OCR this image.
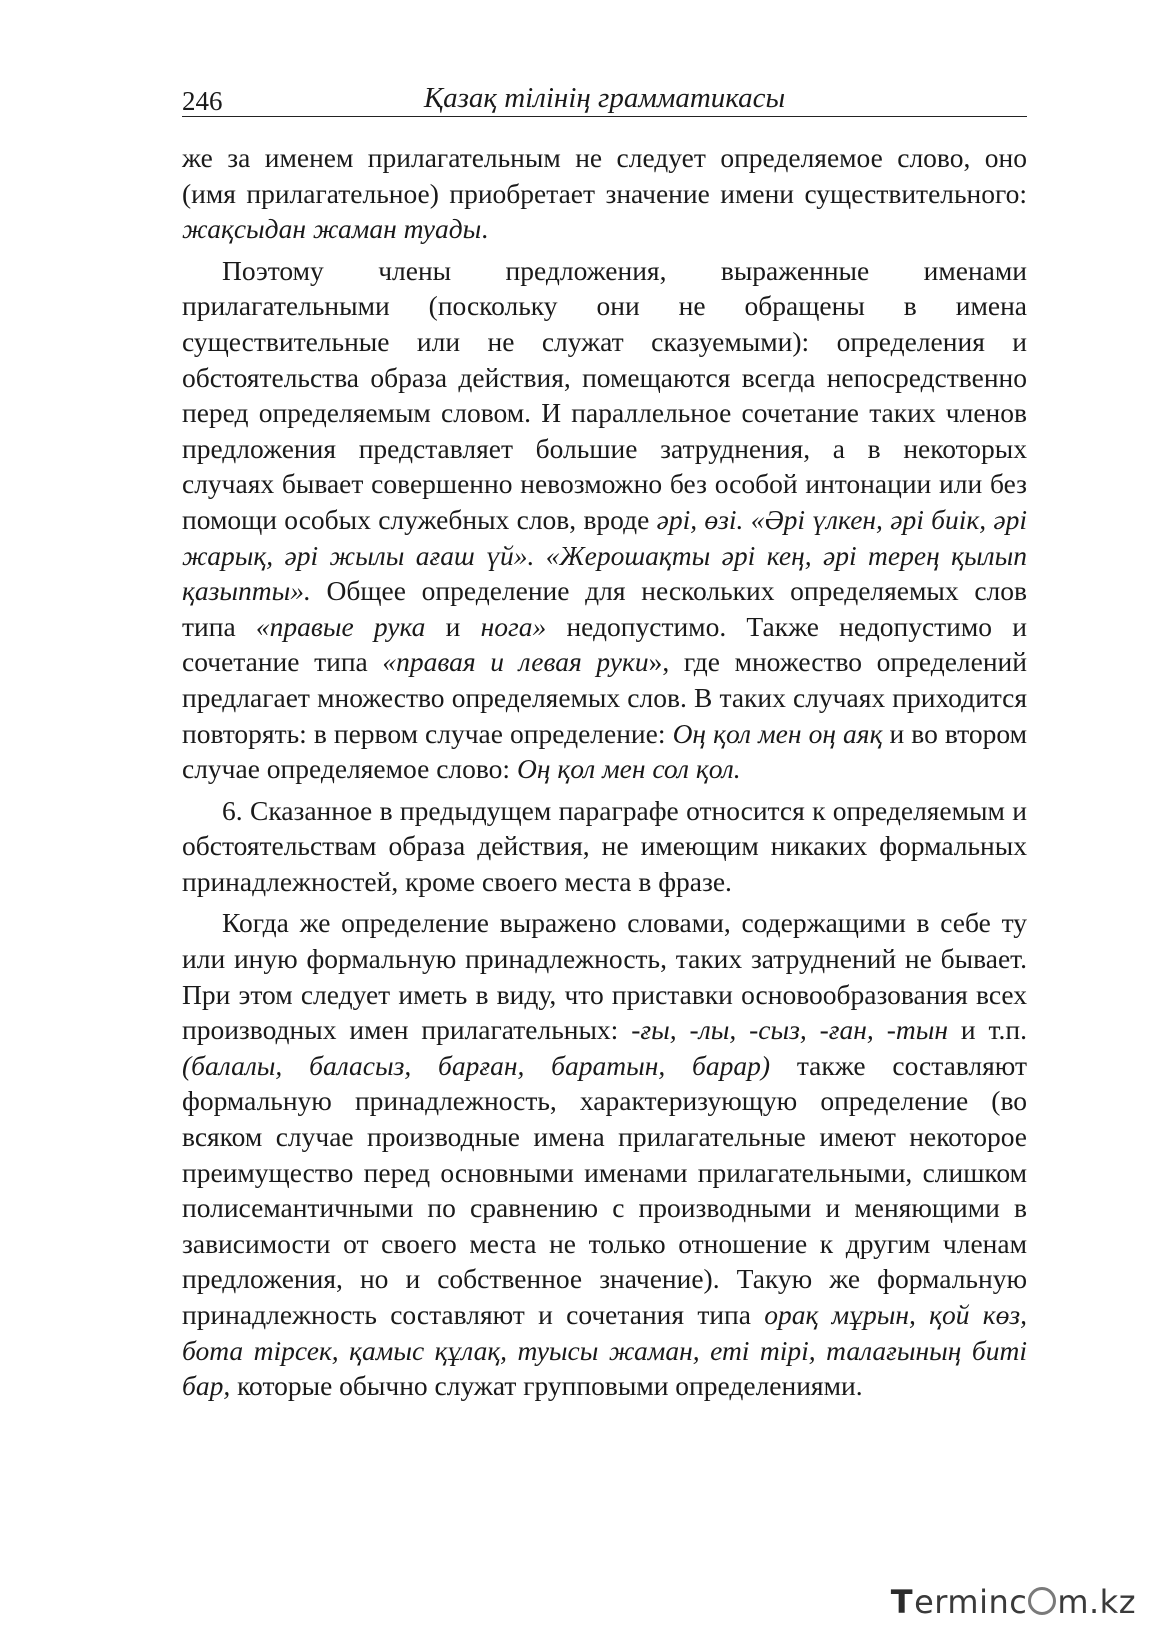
246	Қазақ тілінің грамматикасы

же за именем прилагательным не следует определяемое слово, оно (имя прилагательное) приобретает значение имени существительного: жақсыдан жаман туады.

Поэтому члены предложения, выраженные именами прилагательными (поскольку они не обращены в имена существительные или не служат сказуемыми): определения и обстоятельства образа действия, помещаются всегда непосредственно перед определяемым словом. И параллельное сочетание таких членов предложения представляет большие затруднения, а в некоторых случаях бывает совершенно невозможно без особой интонации или без помощи особых служебных слов, вроде әрі, өзі. «Әрі үлкен, әрі биік, әрі жарық, әрі жылы ағаш үй». «Жерошақты әрі кең, әрі терең қылып қазыпты». Общее определение для нескольких определяемых слов типа «правые рука и нога» недопустимо. Также недопустимо и сочетание типа «правая и левая руки», где множество определений предлагает множество определяемых слов. В таких случаях приходится повторять: в первом случае определение: Оң қол мен оң аяқ и во втором случае определяемое слово: Оң қол мен сол қол.

6. Сказанное в предыдущем параграфе относится к определяемым и обстоятельствам образа действия, не имеющим никаких формальных принадлежностей, кроме своего места в фразе.

Когда же определение выражено словами, содержащими в себе ту или иную формальную принадлежность, таких затруднений не бывает. При этом следует иметь в виду, что приставки основообразования всех производных имен прилагательных: -ғы, -лы, -сыз, -ған, -тын и т.п. (балалы, баласыз, барған, баратын, барар) также составляют формальную принадлежность, характеризующую определение (во всяком случае производные имена прилагательные имеют некоторое преимущество перед основными именами прилагательными, слишком полисемантичными по сравнению с производными и меняющими в зависимости от своего места не только отношение к другим членам предложения, но и собственное значение). Такую же формальную принадлежность составляют и сочетания типа орақ мұрын, қой көз, бота тірсек, қамыс құлақ, туысы жаман, еті тірі, талағының биті бар, которые обычно служат групповыми определениями.

Terminc m.kz
